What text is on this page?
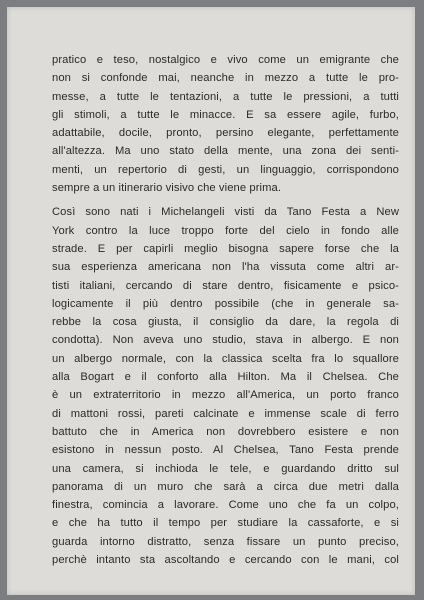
pratico e teso, nostalgico e vivo come un emigrante che
non si confonde mai, neanche in mezzo a tutte le pro-
messe, a tutte le tentazioni, a tutte le pressioni, a tutti
gli stimoli, a tutte le minacce. E sa essere agile, furbo,
adattabile, docile, pronto, persino elegante, perfettamente
all'altezza. Ma uno stato della mente, una zona dei senti-
menti, un repertorio di gesti, un linguaggio, corrispondono
sempre a un itinerario visivo che viene prima.
Così sono nati i Michelangeli visti da Tano Festa a New
York contro la luce troppo forte del cielo in fondo alle
strade. E per capirli meglio bisogna sapere forse che la
sua esperienza americana non l'ha vissuta come altri ar-
tisti italiani, cercando di stare dentro, fisicamente e psico-
logicamente il più dentro possibile (che in generale sa-
rebbe la cosa giusta, il consiglio da dare, la regola di
condotta). Non aveva uno studio, stava in albergo. E non
un albergo normale, con la classica scelta fra lo squallore
alla Bogart e il conforto alla Hilton. Ma il Chelsea. Che
è un extraterritorio in mezzo all'America, un porto franco
di mattoni rossi, pareti calcinate e immense scale di ferro
battuto che in America non dovrebbero esistere e non
esistono in nessun posto. Al Chelsea, Tano Festa prende
una camera, si inchioda le tele, e guardando dritto sul
panorama di un muro che sarà a circa due metri dalla
finestra, comincia a lavorare. Come uno che fa un colpo,
e che ha tutto il tempo per studiare la cassaforte, e si
guarda intorno distratto, senza fissare un punto preciso,
perchè intanto sta ascoltando e cercando con le mani, col
